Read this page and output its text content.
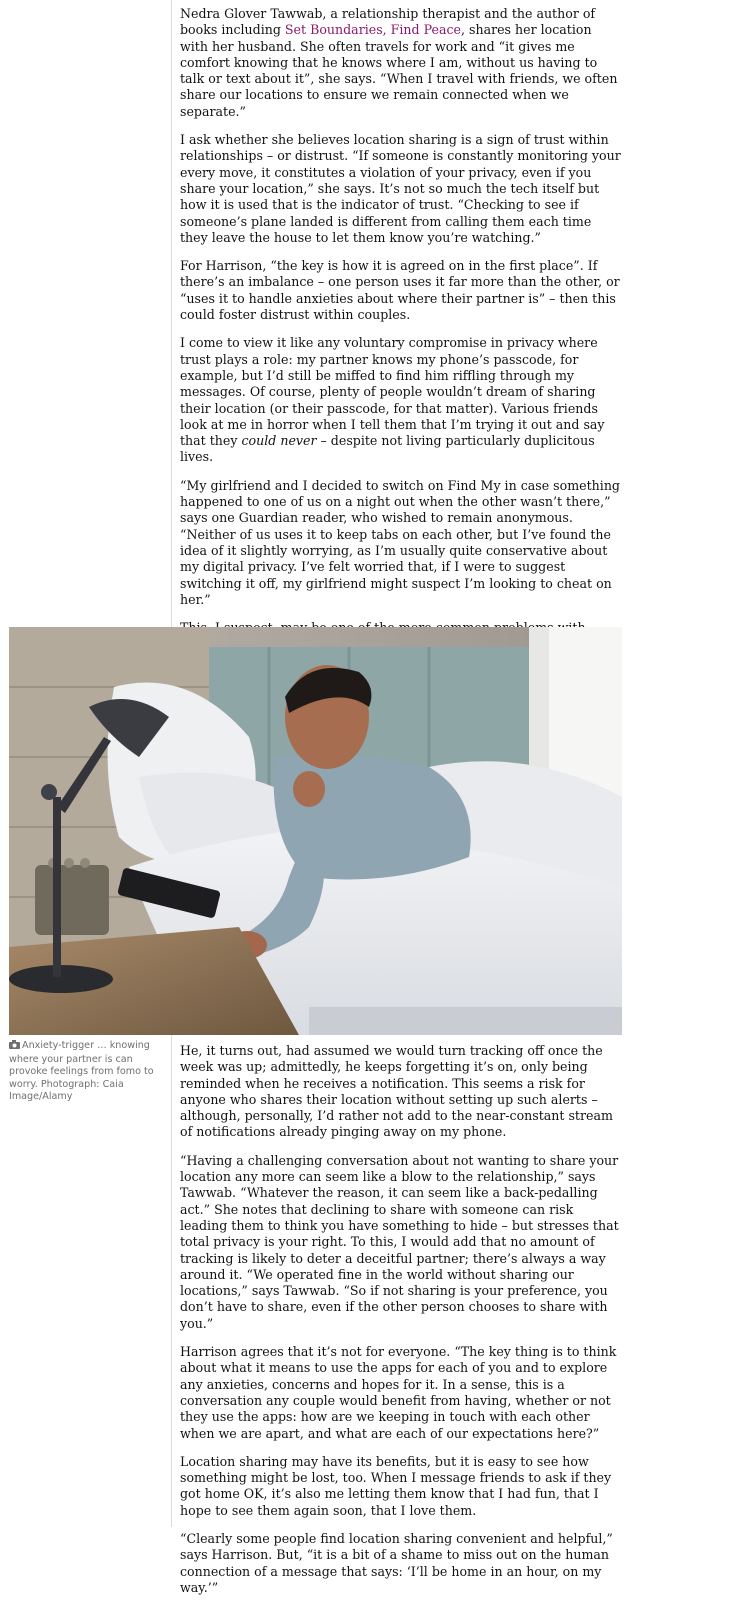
Nedra Glover Tawwab, a relationship therapist and the author of books including Set Boundaries, Find Peace, shares her location with her husband. She often travels for work and “it gives me comfort knowing that he knows where I am, without us having to talk or text about it”, she says. “When I travel with friends, we often share our locations to ensure we remain connected when we separate.”

I ask whether she believes location sharing is a sign of trust within relationships – or distrust. “If someone is constantly monitoring your every move, it constitutes a violation of your privacy, even if you share your location,” she says. It’s not so much the tech itself but how it is used that is the indicator of trust. “Checking to see if someone’s plane landed is different from calling them each time they leave the house to let them know you’re watching.”

For Harrison, “the key is how it is agreed on in the first place”. If there’s an imbalance – one person uses it far more than the other, or “uses it to handle anxieties about where their partner is” – then this could foster distrust within couples.

I come to view it like any voluntary compromise in privacy where trust plays a role: my partner knows my phone’s passcode, for example, but I’d still be miffed to find him riffling through my messages. Of course, plenty of people wouldn’t dream of sharing their location (or their passcode, for that matter). Various friends look at me in horror when I tell them that I’m trying it out and say that they could never – despite not living particularly duplicitous lives.

“My girlfriend and I decided to switch on Find My in case something happened to one of us on a night out when the other wasn’t there,” says one Guardian reader, who wished to remain anonymous. “Neither of us uses it to keep tabs on each other, but I’ve found the idea of it slightly worrying, as I’m usually quite conservative about my digital privacy. I’ve felt worried that, if I were to suggest switching it off, my girlfriend might suspect I’m looking to cheat on her.”

Anxiety-trigger … knowing where your partner is can provoke feelings from fomo to worry. Photograph: Caia Image/Alamy

He, it turns out, had assumed we would turn tracking off once the week was up; admittedly, he keeps forgetting it’s on, only being reminded when he receives a notification. This seems a risk for anyone who shares their location without setting up such alerts – although, personally, I’d rather not add to the near-constant stream of notifications already pinging away on my phone.

“Having a challenging conversation about not wanting to share your location any more can seem like a blow to the relationship,” says Tawwab. “Whatever the reason, it can seem like a back-pedalling act.” She notes that declining to share with someone can risk leading them to think you have something to hide – but stresses that total privacy is your right. To this, I would add that no amount of tracking is likely to deter a deceitful partner; there’s always a way around it. “We operated fine in the world without sharing our locations,” says Tawwab. “So if not sharing is your preference, you don’t have to share, even if the other person chooses to share with you.”

Harrison agrees that it’s not for everyone. “The key thing is to think about what it means to use the apps for each of you and to explore any anxieties, concerns and hopes for it. In a sense, this is a conversation any couple would benefit from having, whether or not they use the apps: how are we keeping in touch with each other when we are apart, and what are each of our expectations here?”

Location sharing may have its benefits, but it is easy to see how something might be lost, too. When I message friends to ask if they got home OK, it’s also me letting them know that I had fun, that I hope to see them again soon, that I love them.

“Clearly some people find location sharing convenient and helpful,” says Harrison. But, “it is a bit of a shame to miss out on the human connection of a message that says: ‘I’ll be home in an hour, on my way.’”
